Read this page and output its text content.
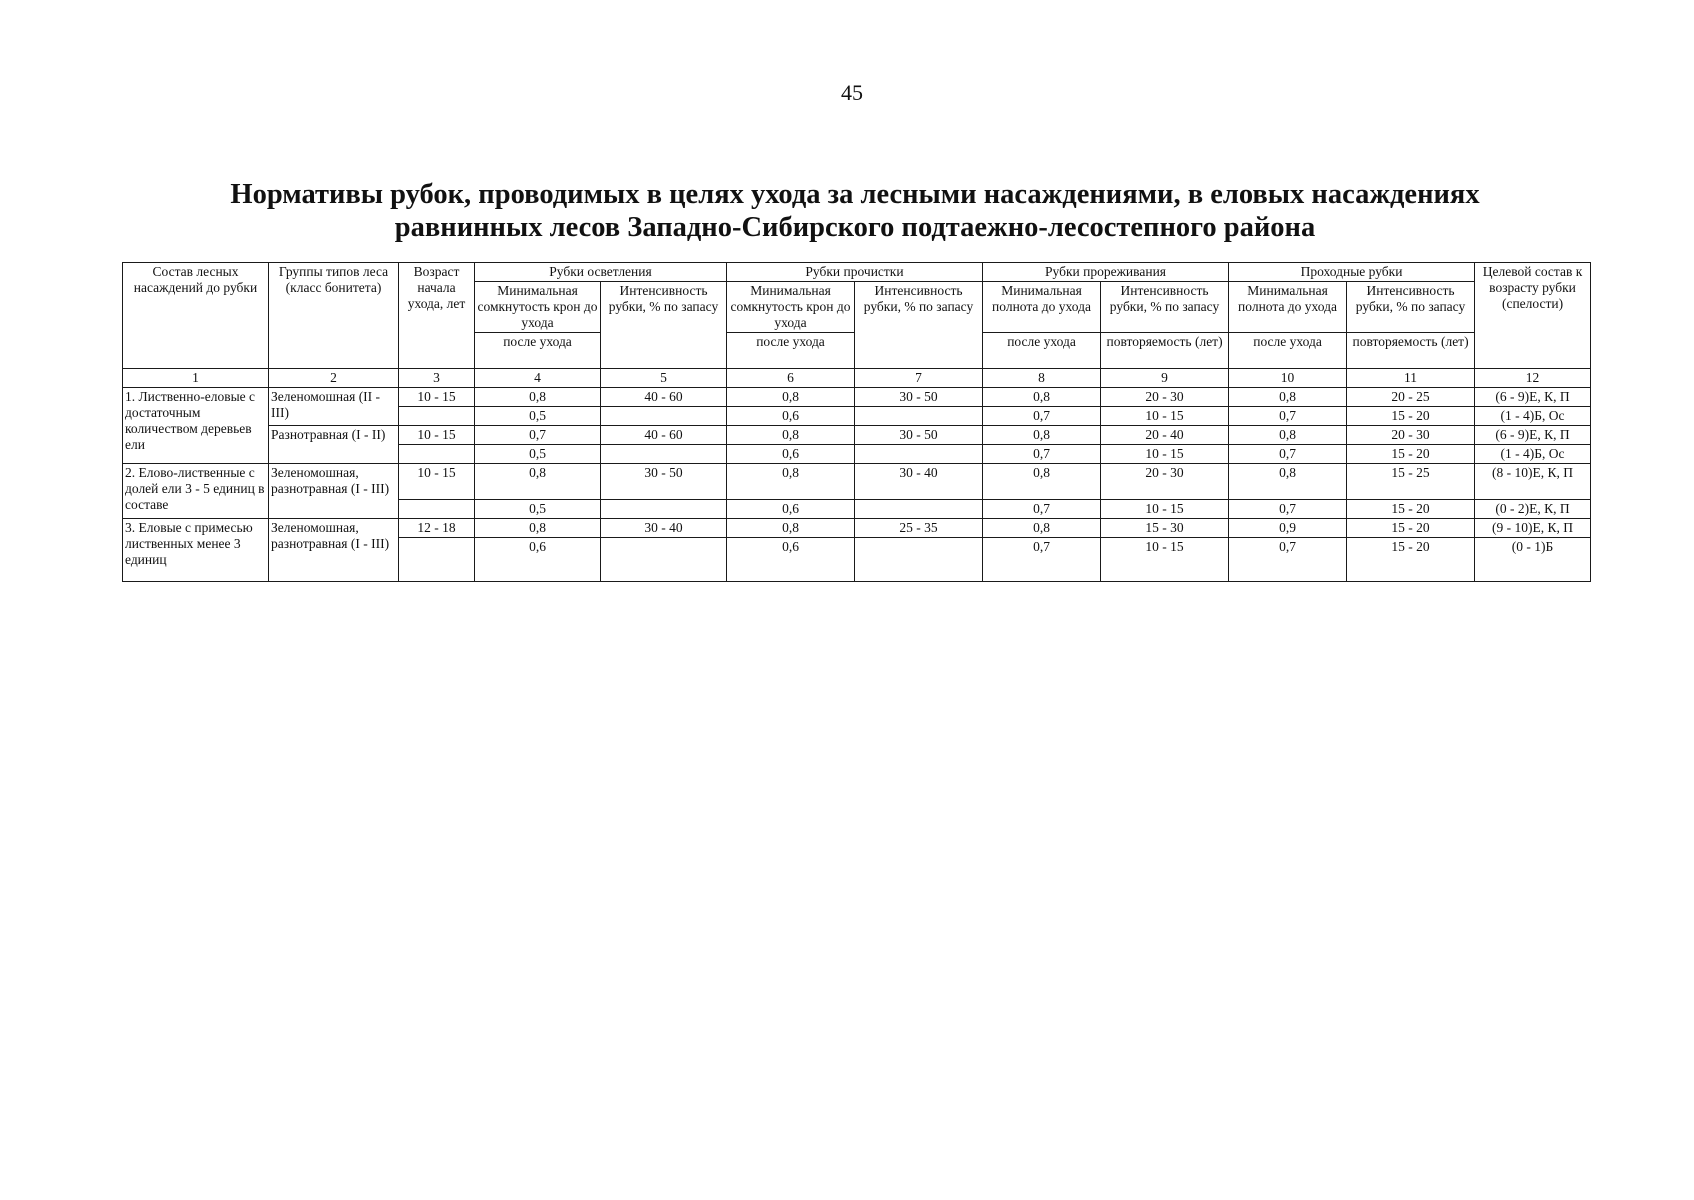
45
Нормативы рубок, проводимых в целях ухода за лесными насаждениями, в еловых насаждениях
равнинных лесов Западно-Сибирского подтаежно-лесостепного района
Состав лесных насаждений до рубки	Группы типов леса (класс бонитета)	Возраст начала ухода, лет	Рубки осветления		Рубки прочистки		Рубки прореживания		Проходные рубки		Целевой состав к возрасту рубки (спелости)
			Минимальная сомкнутость крон до ухода	Интенсивность рубки, % по запасу	Минимальная сомкнутость крон до ухода	Интенсивность рубки, % по запасу	Минимальная полнота до ухода	Интенсивность рубки, % по запасу	Минимальная полнота до ухода	Интенсивность рубки, % по запасу	
			после ухода		после ухода		после ухода	повторяемость (лет)	после ухода	повторяемость (лет)	
1	2	3	4	5	6	7	8	9	10	11	12
1. Лиственно-еловые с достаточным количеством деревьев ели	Зеленомошная (II - III)	10 - 15	0,8	40 - 60	0,8	30 - 50	0,8	20 - 30	0,8	20 - 25	(6 - 9)Е, К, П
			0,5		0,6		0,7	10 - 15	0,7	15 - 20	(1 - 4)Б, Ос
	Разнотравная (I - II)	10 - 15	0,7	40 - 60	0,8	30 - 50	0,8	20 - 40	0,8	20 - 30	(6 - 9)Е, К, П
			0,5		0,6		0,7	10 - 15	0,7	15 - 20	(1 - 4)Б, Ос
2. Елово-лиственные с долей ели 3 - 5 единиц в составе	Зеленомошная, разнотравная (I - III)	10 - 15	0,8	30 - 50	0,8	30 - 40	0,8	20 - 30	0,8	15 - 25	(8 - 10)Е, К, П
			0,5		0,6		0,7	10 - 15	0,7	15 - 20	(0 - 2)Е, К, П
3. Еловые с примесью лиственных менее 3 единиц	Зеленомошная, разнотравная (I - III)	12 - 18	0,8	30 - 40	0,8	25 - 35	0,8	15 - 30	0,9	15 - 20	(9 - 10)Е, К, П
			0,6		0,6		0,7	10 - 15	0,7	15 - 20	(0 - 1)Б
